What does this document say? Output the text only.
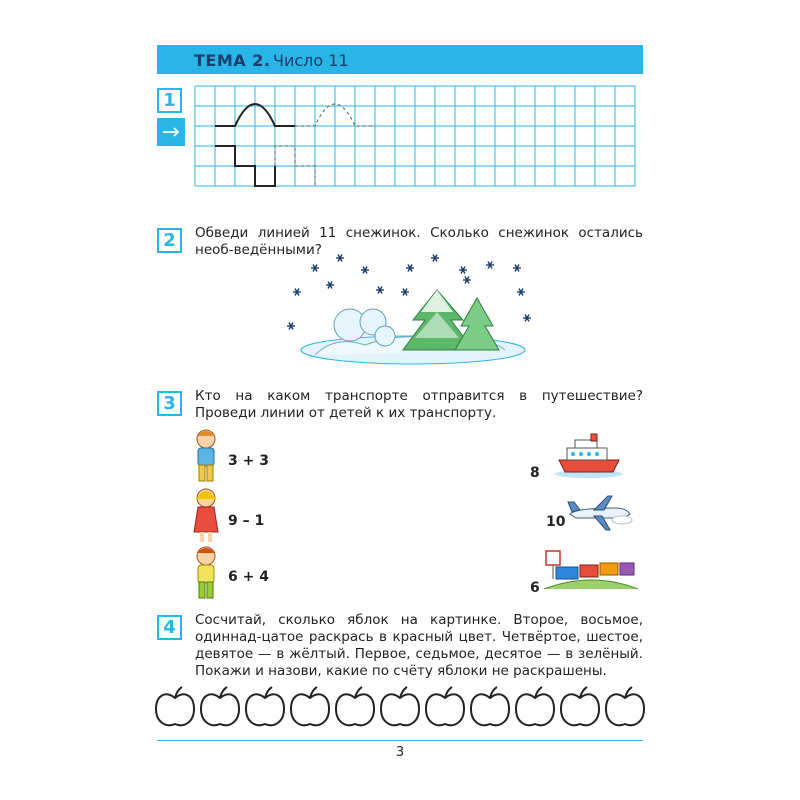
ТЕМА 2. Число 11
1
2	Обведи линией 11 снежинок. Сколько снежинок остались необ-ведёнными?
3	Кто на каком транспорте отправится в путешествие? Проведи линии от детей к их транспорту.
3 + 3
9 – 1
6 + 4
8
10
6
4	Сосчитай, сколько яблок на картинке. Второе, восьмое, одиннад-цатое раскрась в красный цвет. Четвёртое, шестое, девятое — в жёлтый. Первое, седьмое, десятое — в зелёный. Покажи и назови, какие по счёту яблоки не раскрашены.
3
